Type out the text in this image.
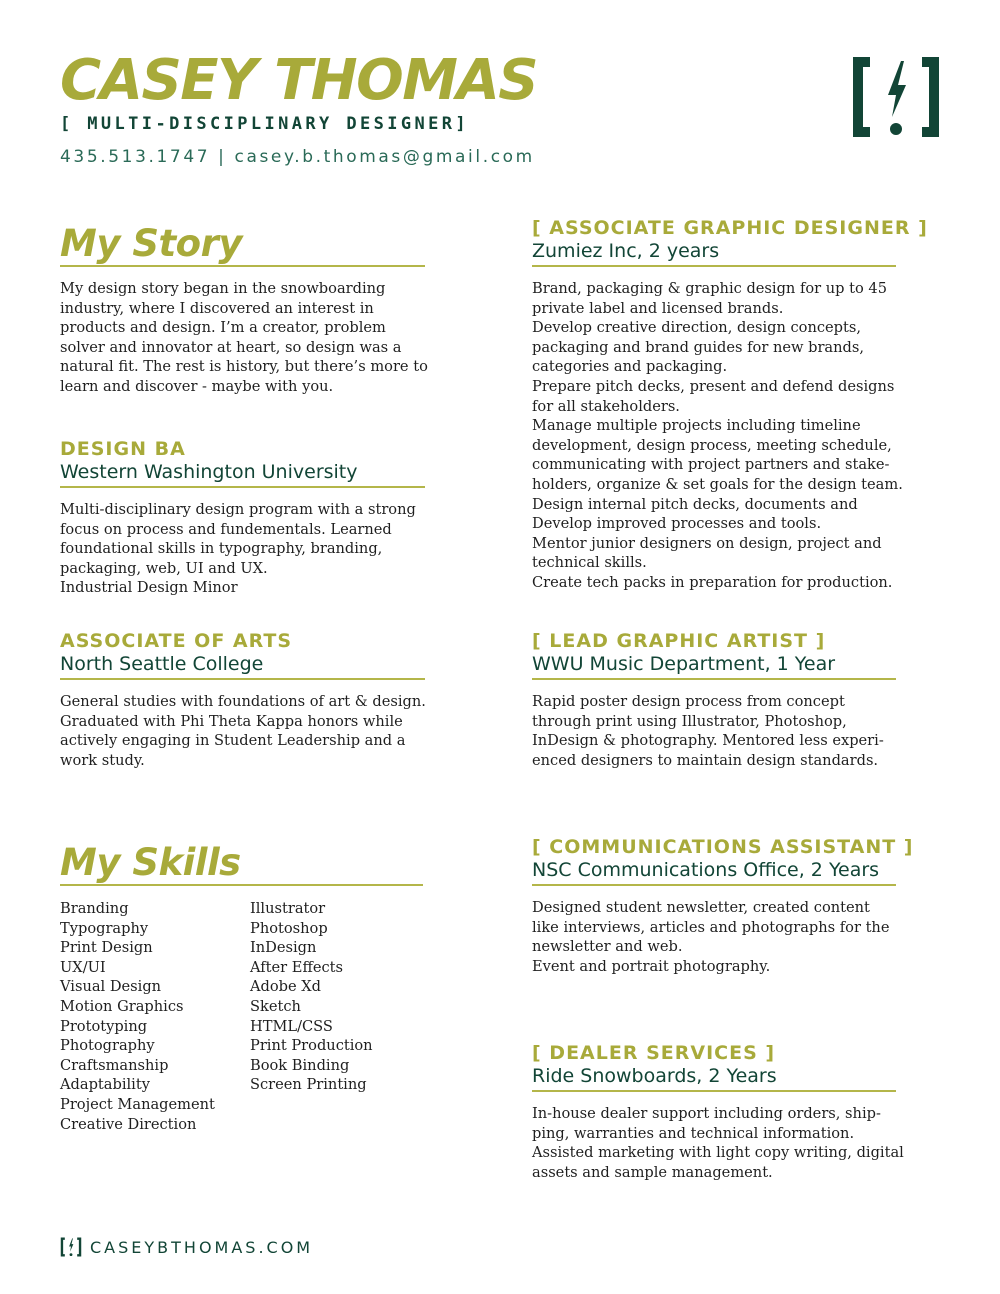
CASEY THOMAS
[ MULTI-DISCIPLINARY DESIGNER]
435.513.1747 | casey.b.thomas@gmail.com
My Story
My design story began in the snowboarding
industry, where I discovered an interest in
products and design. I’m a creator, problem
solver and innovator at heart, so design was a
natural fit. The rest is history, but there’s more to
learn and discover - maybe with you.
DESIGN BA
Western Washington University
Multi-disciplinary design program with a strong
focus on process and fundementals. Learned
foundational skills in typography, branding,
packaging, web, UI and UX.
Industrial Design Minor
ASSOCIATE OF ARTS
North Seattle College
General studies with foundations of art & design.
Graduated with Phi Theta Kappa honors while
actively engaging in Student Leadership and a
work study.
My Skills
Branding
Typography
Print Design
UX/UI
Visual Design
Motion Graphics
Prototyping
Photography
Craftsmanship
Adaptability
Project Management
Creative Direction
Illustrator
Photoshop
InDesign
After Effects
Adobe Xd
Sketch
HTML/CSS
Print Production
Book Binding
Screen Printing
[ ASSOCIATE GRAPHIC DESIGNER ]
Zumiez Inc, 2 years
Brand, packaging & graphic design for up to 45
private label and licensed brands.
Develop creative direction, design concepts,
packaging and brand guides for new brands,
categories and packaging.
Prepare pitch decks, present and defend designs
for all stakeholders.
Manage multiple projects including timeline
development, design process, meeting schedule,
communicating with project partners and stake-
holders, organize & set goals for the design team.
Design internal pitch decks, documents and
Develop improved processes and tools.
Mentor junior designers on design, project and
technical skills.
Create tech packs in preparation for production.
[ LEAD GRAPHIC ARTIST ]
WWU Music Department, 1 Year
Rapid poster design process from concept
through print using Illustrator, Photoshop,
InDesign & photography. Mentored less experi-
enced designers to maintain design standards.
[ COMMUNICATIONS ASSISTANT ]
NSC Communications Office, 2 Years
Designed student newsletter, created content
like interviews, articles and photographs for the
newsletter and web.
Event and portrait photography.
[ DEALER SERVICES ]
Ride Snowboards, 2 Years
In-house dealer support including orders, ship-
ping, warranties and technical information.
Assisted marketing with light copy writing, digital
assets and sample management.
CASEYBTHOMAS.COM
